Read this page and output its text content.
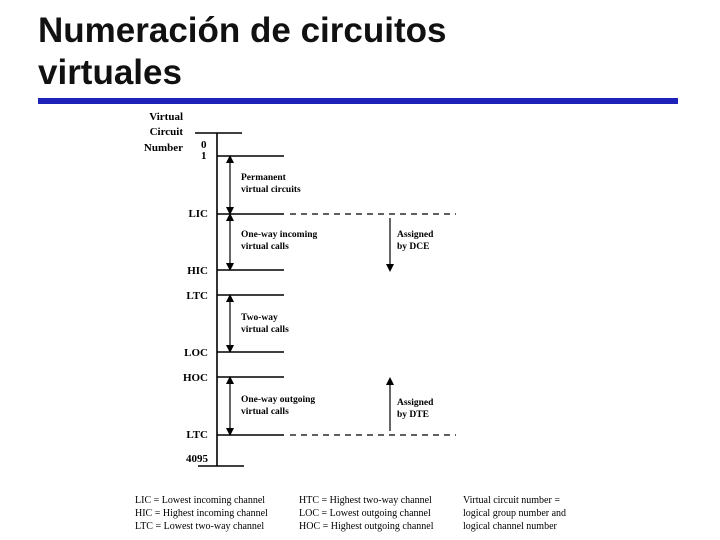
Numeración de circuitos
virtuales
Virtual
Circuit
Number 0
1
LIC
HIC
LTC
LOC
HOC
LTC
4095
Permanent
virtual circuits
One-way incoming
virtual calls
Two-way
virtual calls
One-way outgoing
virtual calls
Assigned
by DCE
Assigned
by DTE
LIC = Lowest incoming channel
HIC = Highest incoming channel
LTC = Lowest two-way channel
HTC = Highest two-way channel
LOC = Lowest outgoing channel
HOC = Highest outgoing channel
Virtual circuit number =
logical group number and
logical channel number
